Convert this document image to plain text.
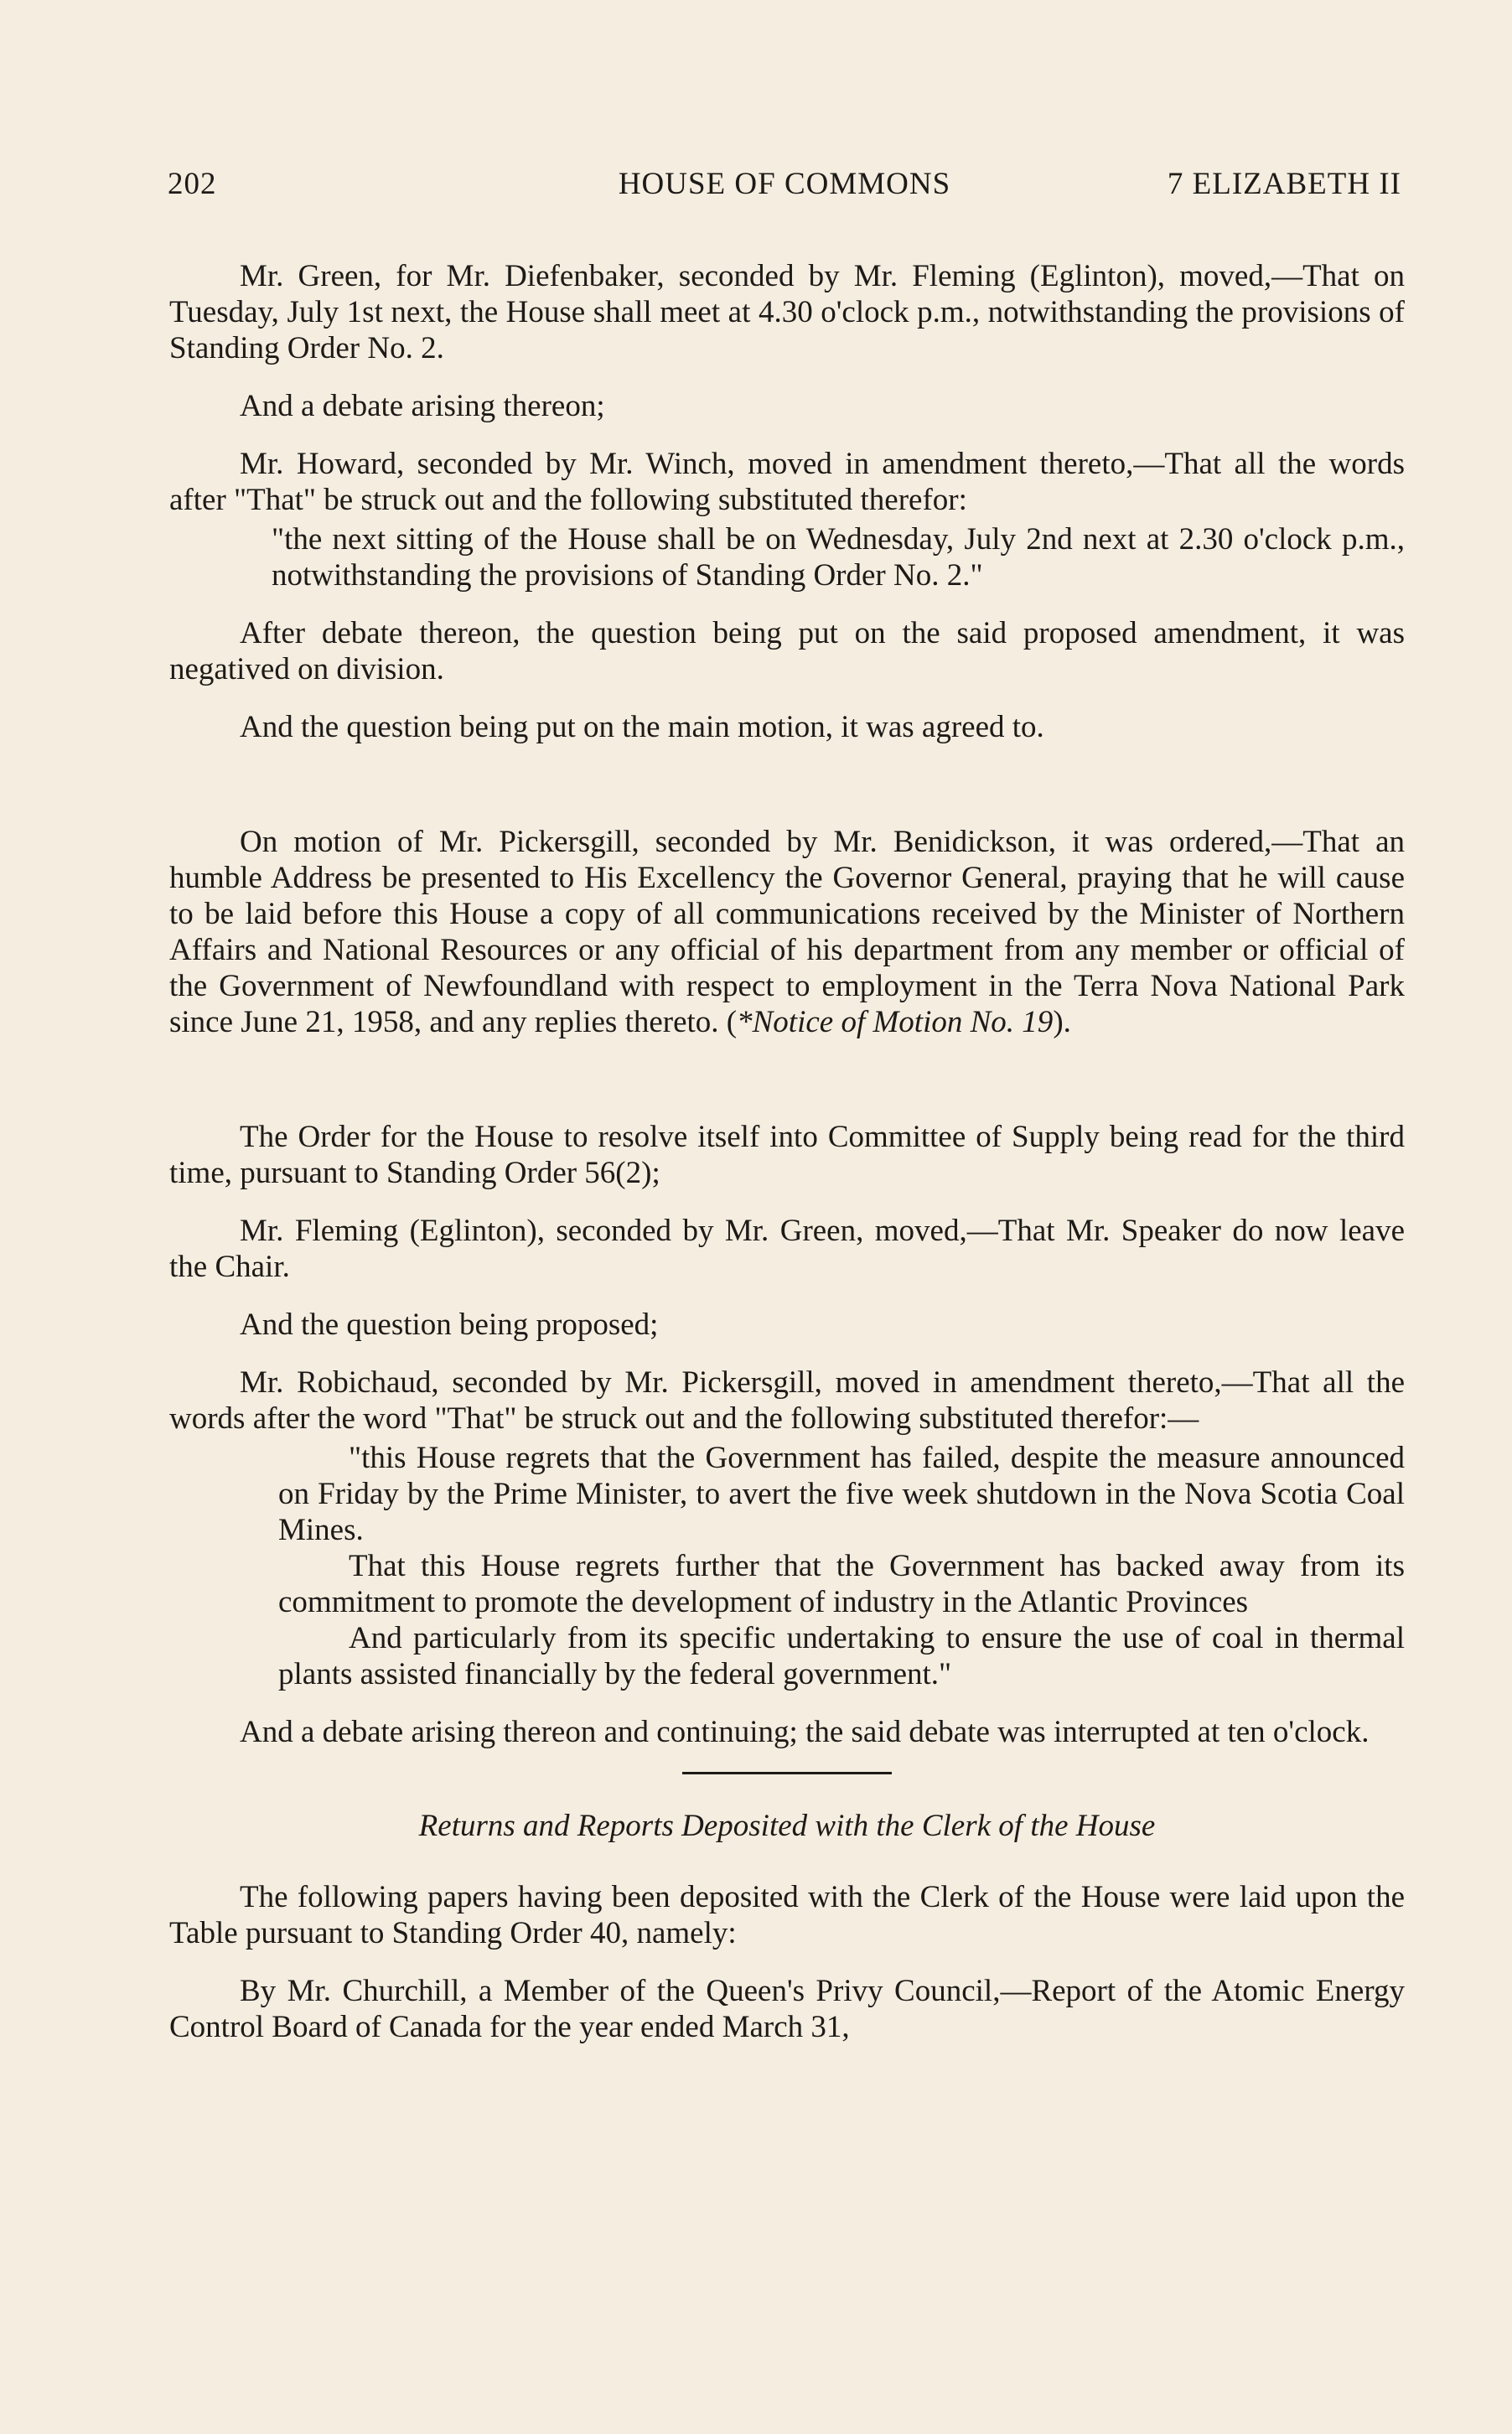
202	HOUSE OF COMMONS	7 ELIZABETH II

Mr. Green, for Mr. Diefenbaker, seconded by Mr. Fleming (Eglinton), moved,—That on Tuesday, July 1st next, the House shall meet at 4.30 o'clock p.m., notwithstanding the provisions of Standing Order No. 2.

And a debate arising thereon;

Mr. Howard, seconded by Mr. Winch, moved in amendment thereto,—That all the words after "That" be struck out and the following substituted therefor:

"the next sitting of the House shall be on Wednesday, July 2nd next at 2.30 o'clock p.m., notwithstanding the provisions of Standing Order No. 2."

After debate thereon, the question being put on the said proposed amendment, it was negatived on division.

And the question being put on the main motion, it was agreed to.

On motion of Mr. Pickersgill, seconded by Mr. Benidickson, it was ordered,—That an humble Address be presented to His Excellency the Governor General, praying that he will cause to be laid before this House a copy of all communications received by the Minister of Northern Affairs and National Resources or any official of his department from any member or official of the Government of Newfoundland with respect to employment in the Terra Nova National Park since June 21, 1958, and any replies thereto. (*Notice of Motion No. 19).

The Order for the House to resolve itself into Committee of Supply being read for the third time, pursuant to Standing Order 56(2);

Mr. Fleming (Eglinton), seconded by Mr. Green, moved,—That Mr. Speaker do now leave the Chair.

And the question being proposed;

Mr. Robichaud, seconded by Mr. Pickersgill, moved in amendment thereto,—That all the words after the word "That" be struck out and the following substituted therefor:—

"this House regrets that the Government has failed, despite the measure announced on Friday by the Prime Minister, to avert the five week shutdown in the Nova Scotia Coal Mines.

That this House regrets further that the Government has backed away from its commitment to promote the development of industry in the Atlantic Provinces

And particularly from its specific undertaking to ensure the use of coal in thermal plants assisted financially by the federal government."

And a debate arising thereon and continuing; the said debate was interrupted at ten o'clock.

Returns and Reports Deposited with the Clerk of the House

The following papers having been deposited with the Clerk of the House were laid upon the Table pursuant to Standing Order 40, namely:

By Mr. Churchill, a Member of the Queen's Privy Council,—Report of the Atomic Energy Control Board of Canada for the year ended March 31,
